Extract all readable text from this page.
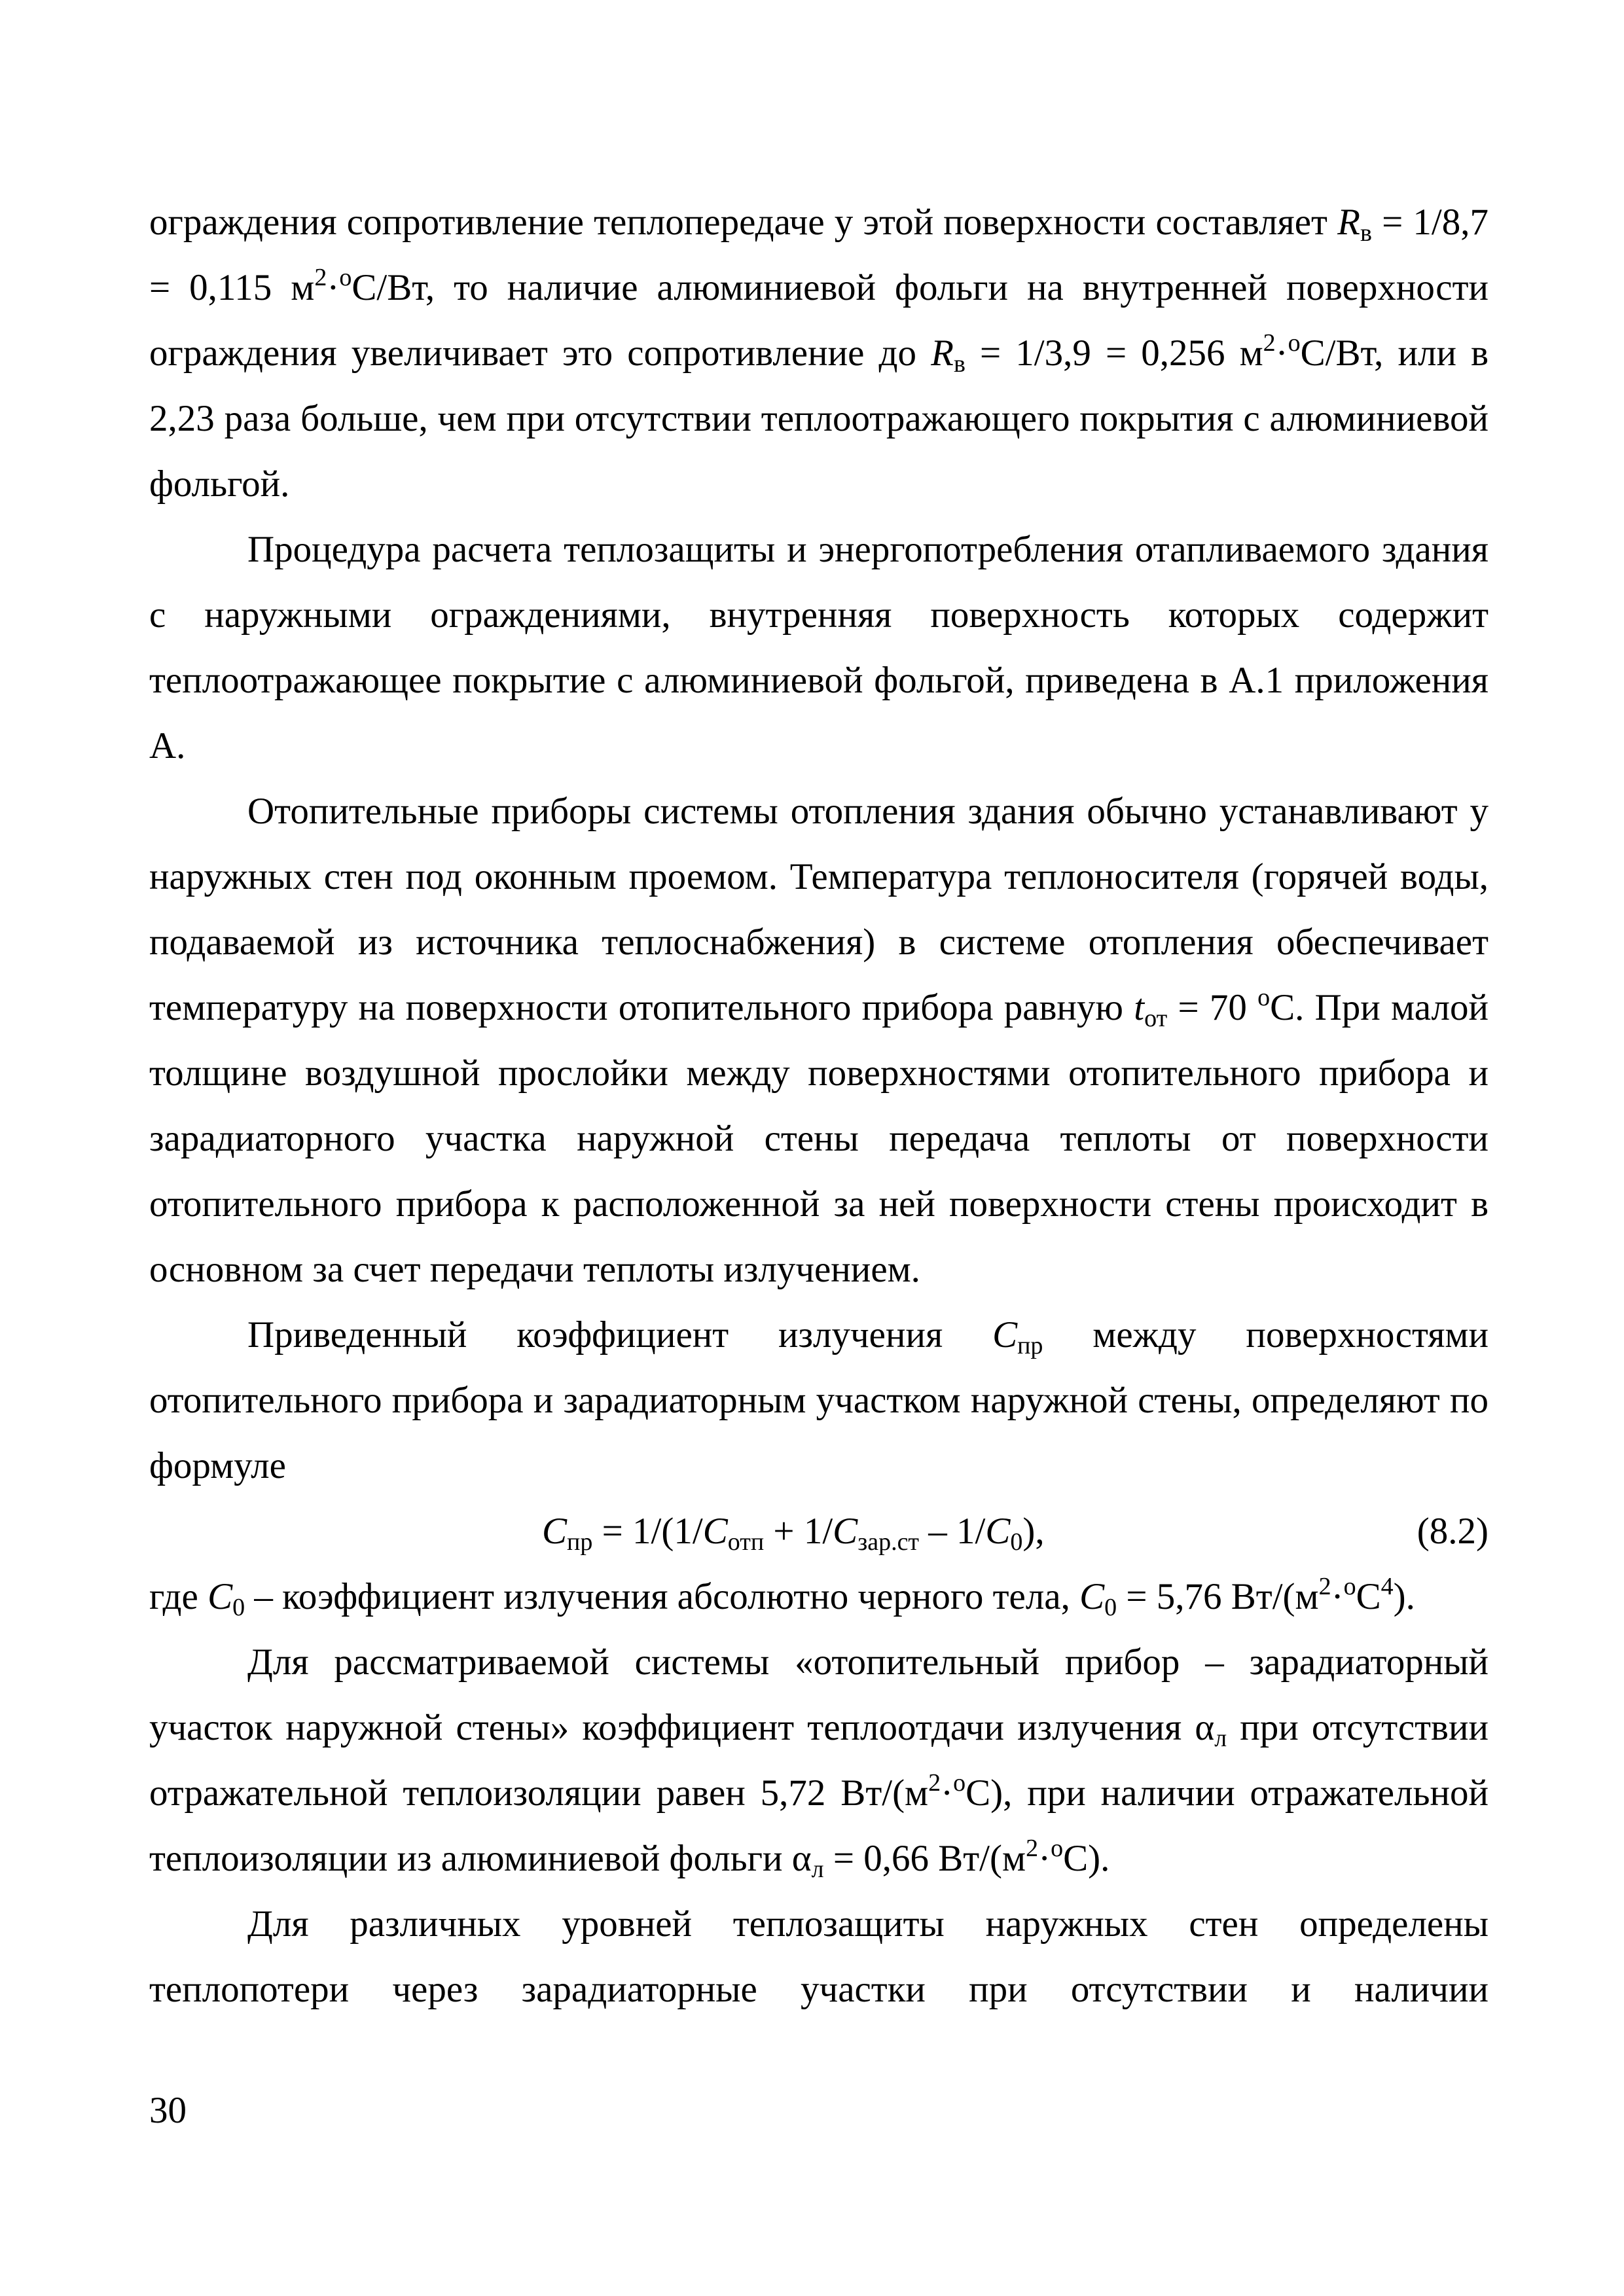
ограждения сопротивление теплопередаче у этой поверхности составляет $R_в = 1/8,7 = 0,115$ $м^2\cdot^оС/Вт$, то наличие алюминиевой фольги на внутренней поверхности ограждения увеличивает это сопротивление до $R_в = 1/3,9 = 0,256$ $м^2\cdot^оС/Вт$, или в 2,23 раза больше, чем при отсутствии теплоотражающего покрытия с алюминиевой фольгой.

Процедура расчета теплозащиты и энергопотребления отапливаемого здания с наружными ограждениями, внутренняя поверхность которых содержит теплоотражающее покрытие с алюминиевой фольгой, приведена в А.1 приложения А.

Отопительные приборы системы отопления здания обычно устанавливают у наружных стен под оконным проемом. Температура теплоносителя (горячей воды, подаваемой из источника теплоснабжения) в системе отопления обеспечивает температуру на поверхности отопительного прибора равную $t_{от} = 70$ $^о$С. При малой толщине воздушной прослойки между поверхностями отопительного прибора и зарадиаторного участка наружной стены передача теплоты от поверхности отопительного прибора к расположенной за ней поверхности стены происходит в основном за счет передачи теплоты излучением.

Приведенный коэффициент излучения $С_{пр}$ между поверхностями отопительного прибора и зарадиаторным участком наружной стены, определяют по формуле

$С_{пр} = 1/(1/С_{отп} + 1/С_{зар.ст} - 1/С_0)$,	(8.2)

где $С_0$ – коэффициент излучения абсолютно черного тела, $С_0 = 5,76$ $Вт/(м^2\cdot^оС^4)$.

Для рассматриваемой системы «отопительный прибор – зарадиаторный участок наружной стены» коэффициент теплоотдачи излучения $\alpha_л$ при отсутствии отражательной теплоизоляции равен 5,72 $Вт/(м^2\cdot^оС)$, при наличии отражательной теплоизоляции из алюминиевой фольги $\alpha_л = 0,66$ $Вт/(м^2\cdot^оС)$.

Для различных уровней теплозащиты наружных стен определены теплопотери через зарадиаторные участки при отсутствии и наличии

30
